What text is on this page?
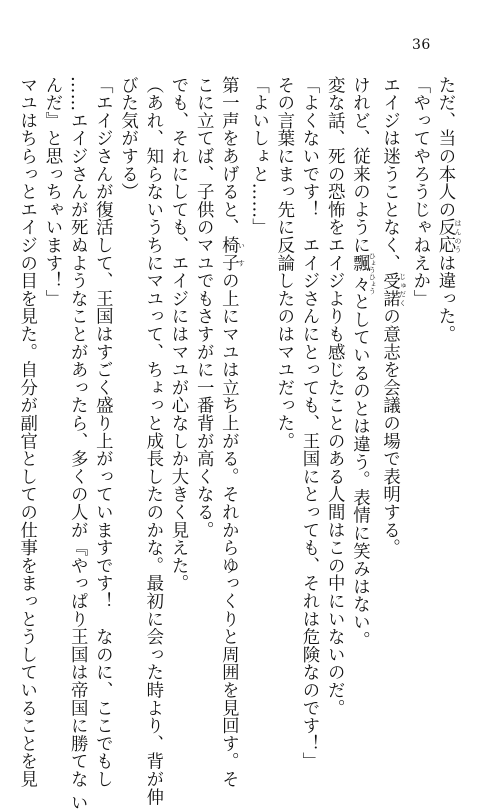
36
ただ、当の本人の反応 はんのうは違った。
「やってやろうじゃねえか」
エイジは迷うことなく、受諾 じゅだくの意志を会議の場で表明する。
けれど、従来のように飄々 ひょうひょうとしているのとは違う。表情に笑みはない。
変な話、死の恐怖をエイジよりも感じたことのある人間はこの中にいないのだ。
「よくないです！　エイジさんにとっても、王国にとっても、それは危険なのです！」
その言葉にまっ先に反論したのはマユだった。
「よいしょと……」
第一声をあげると、椅子 いすの上にマユは立ち上がる。それからゆっくりと周囲を見回す。そ
こに立てば、子供のマユでもさすがに一番背が高くなる。
でも、それにしても、エイジにはマユが心なしか大きく見えた。
（あれ、知らないうちにマユって、ちょっと成長したのかな。最初に会った時より、背が伸
びた気がする）
「エイジさんが復活して、王国はすごく盛り上がっていますです！　なのに、ここでもし
……エイジさんが死ぬようなことがあったら、多くの人が『やっぱり王国は帝国に勝てな い
んだ』と思っちゃいます！」
マユはちらっとエイジの目を見た。自分が副官としての仕事をまっとうしていることを見
